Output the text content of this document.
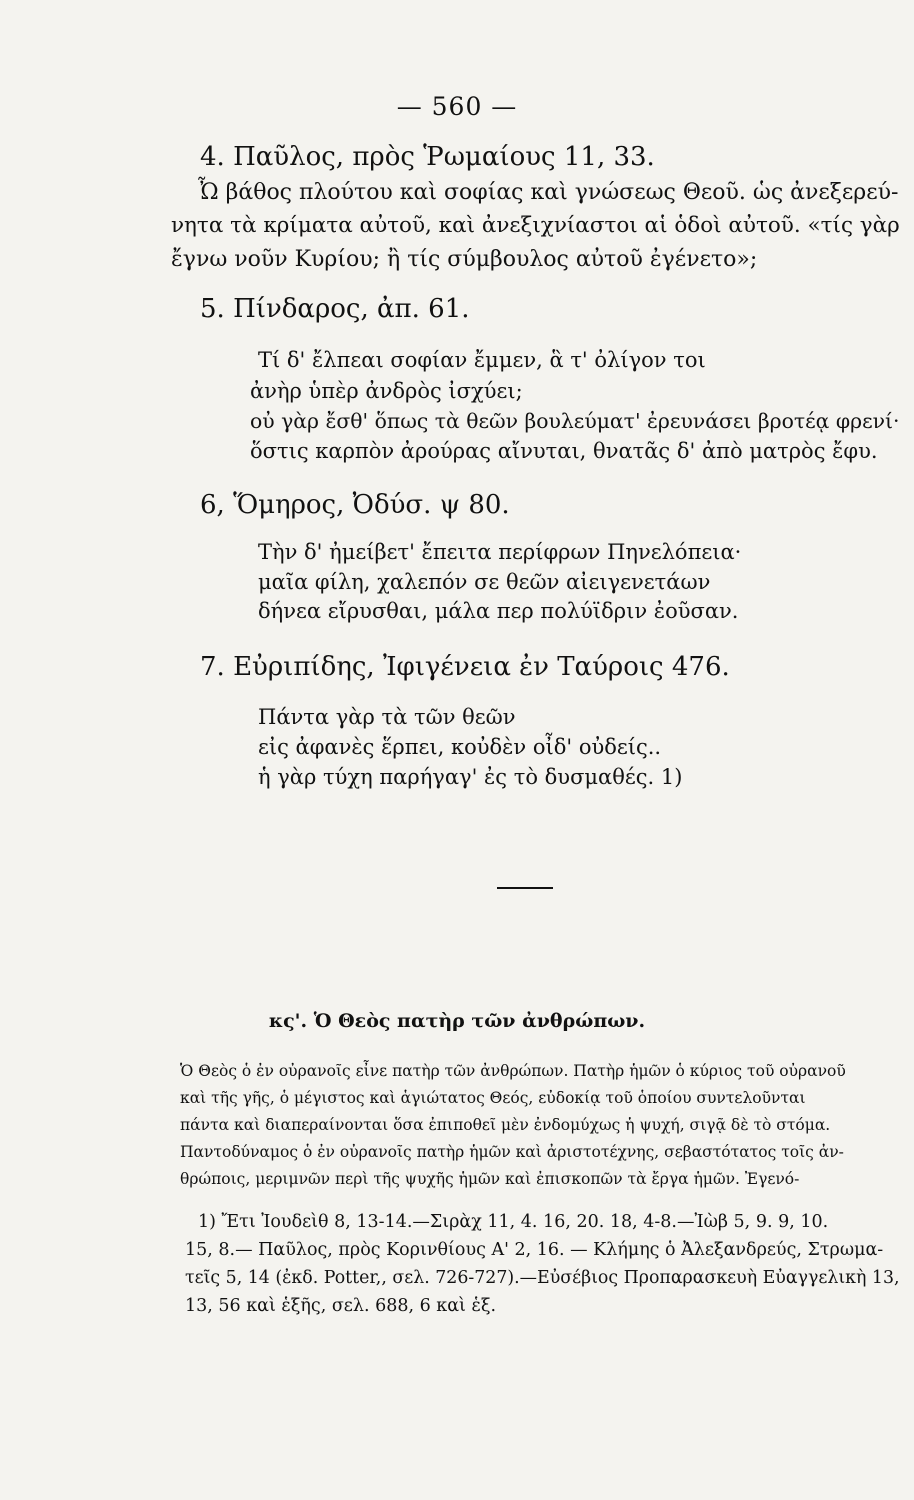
— 560 —
4. Παῦλος, πρὸς Ῥωμαίους 11, 33.
Ὦ βάθος πλούτου καὶ σοφίας καὶ γνώσεως Θεοῦ. ὡς ἀνεξερεύ-
νητα τὰ κρίματα αὐτοῦ, καὶ ἀνεξιχνίαστοι αἱ ὁδοὶ αὐτοῦ. «τίς γὰρ
ἔγνω νοῦν Κυρίου; ἢ τίς σύμβουλος αὐτοῦ ἐγένετο»;
5. Πίνδαρος, ἀπ. 61.
Τί δ' ἔλπεαι σοφίαν ἔμμεν, ἃ τ' ὀλίγον τοι
ἀνὴρ ὑπὲρ ἀνδρὸς ἰσχύει;
οὐ γὰρ ἔσθ' ὅπως τὰ θεῶν βουλεύματ' ἐρευνάσει βροτέᾳ φρενί·
ὅστις καρπὸν ἀρούρας αἴνυται, θνατᾶς δ' ἀπὸ ματρὸς ἔφυ.
6, Ὅμηρος, Ὀδύσ. ψ 80.
Τὴν δ' ἠμείβετ' ἔπειτα περίφρων Πηνελόπεια·
μαῖα φίλη, χαλεπόν σε θεῶν αἰειγενετάων
δήνεα εἴρυσθαι, μάλα περ πολύϊδριν ἐοῦσαν.
7. Εὐριπίδης, Ἰφιγένεια ἐν Ταύροις 476.
Πάντα γὰρ τὰ τῶν θεῶν
εἰς ἀφανὲς ἕρπει, κοὐδὲν οἶδ' οὐδείς..
ἡ γὰρ τύχη παρήγαγ' ἐς τὸ δυσμαθές. 1)
κς'. Ὁ Θεὸς πατὴρ τῶν ἀνθρώπων.
Ὁ Θεὸς ὁ ἐν οὐρανοῖς εἶνε πατὴρ τῶν ἀνθρώπων. Πατὴρ ἡμῶν ὁ κύριος τοῦ οὐρανοῦ
καὶ τῆς γῆς, ὁ μέγιστος καὶ ἁγιώτατος Θεός, εὐδοκίᾳ τοῦ ὁποίου συντελοῦνται
πάντα καὶ διαπεραίνονται ὅσα ἐπιποθεῖ μὲν ἐνδομύχως ἡ ψυχή, σιγᾷ δὲ τὸ στόμα.
Παντοδύναμος ὁ ἐν οὐρανοῖς πατὴρ ἡμῶν καὶ ἀριστοτέχνης, σεβαστότατος τοῖς ἀν-
θρώποις, μεριμνῶν περὶ τῆς ψυχῆς ἡμῶν καὶ ἐπισκοπῶν τὰ ἔργα ἡμῶν. Ἐγενό-
1) Ἔτι Ἰουδεὶθ 8, 13-14.—Σιρὰχ 11, 4. 16, 20. 18, 4-8.—Ἰὼβ 5, 9. 9, 10.
15, 8.— Παῦλος, πρὸς Κορινθίους Α' 2, 16. — Κλήμης ὁ Ἀλεξανδρεύς, Στρωμα-
τεῖς 5, 14 (ἐκδ. Potter,, σελ. 726-727).—Εὐσέβιος Προπαρασκευὴ Εὐαγγελικὴ 13,
13, 56 καὶ ἑξῆς, σελ. 688, 6 καὶ ἑξ.
